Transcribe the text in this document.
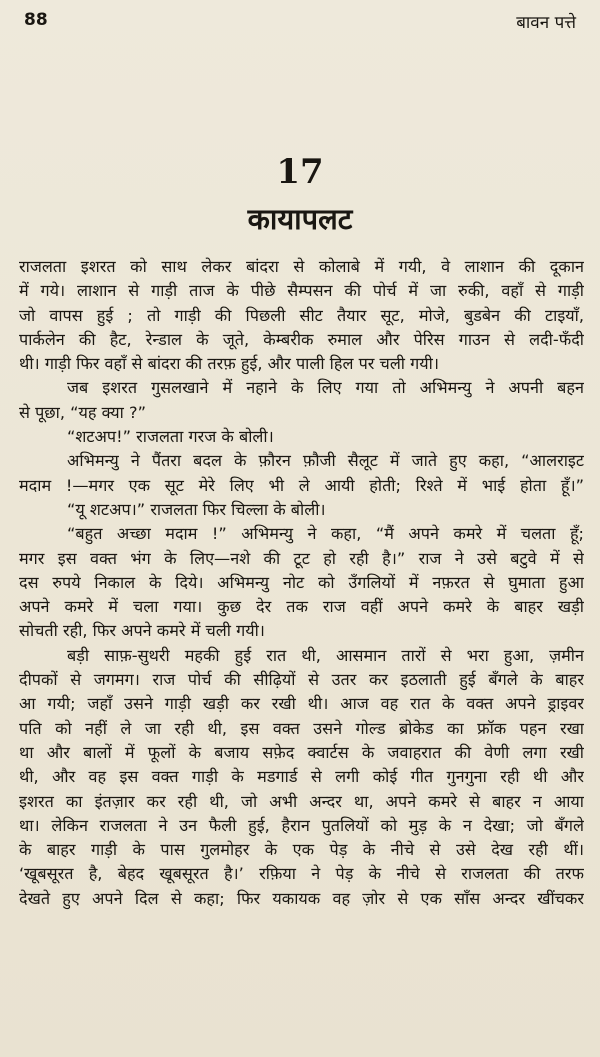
88	बावन पत्ते
17
कायापलट
राजलता इशरत को साथ लेकर बांदरा से कोलाबे में गयी, वे लाशान की दूकान
में गये। लाशान से गाड़ी ताज के पीछे सैम्पसन की पोर्च में जा रुकी, वहाँ से गाड़ी
जो वापस हुई ; तो गाड़ी की पिछली सीट तैयार सूट, मोजे, बुडबेन की टाइयाँ,
पार्कलेन की हैट, रेन्डाल के जूते, केम्बरीक रुमाल और पेरिस गाउन से लदी-फँदी
थी। गाड़ी फिर वहाँ से बांदरा की तरफ़ हुई, और पाली हिल पर चली गयी।
जब इशरत गुसलखाने में नहाने के लिए गया तो अभिमन्यु ने अपनी बहन
से पूछा, “यह क्या ?”
“शटअप!” राजलता गरज के बोली।
अभिमन्यु ने पैंतरा बदल के फ़ौरन फ़ौजी सैलूट में जाते हुए कहा, “आलराइट
मदाम !—मगर एक सूट मेरे लिए भी ले आयी होती; रिश्ते में भाई होता हूँ।”
“यू शटअप।” राजलता फिर चिल्ला के बोली।
“बहुत अच्छा मदाम !” अभिमन्यु ने कहा, “मैं अपने कमरे में चलता हूँ;
मगर इस वक्त भंग के लिए—नशे की टूट हो रही है।” राज ने उसे बटुवे में से
दस रुपये निकाल के दिये। अभिमन्यु नोट को उँगलियों में नफ़रत से घुमाता हुआ
अपने कमरे में चला गया। कुछ देर तक राज वहीं अपने कमरे के बाहर खड़ी
सोचती रही, फिर अपने कमरे में चली गयी।
बड़ी साफ़-सुथरी महकी हुई रात थी, आसमान तारों से भरा हुआ, ज़मीन
दीपकों से जगमग। राज पोर्च की सीढ़ियों से उतर कर इठलाती हुई बँगले के बाहर
आ गयी; जहाँ उसने गाड़ी खड़ी कर रखी थी। आज वह रात के वक्त अपने ड्राइवर
पति को नहीं ले जा रही थी, इस वक्त उसने गोल्ड ब्रोकेड का फ्रॉक पहन रखा
था और बालों में फूलों के बजाय सफ़ेद क्वार्टस के जवाहरात की वेणी लगा रखी
थी, और वह इस वक्त गाड़ी के मडगार्ड से लगी कोई गीत गुनगुना रही थी और
इशरत का इंतज़ार कर रही थी, जो अभी अन्दर था, अपने कमरे से बाहर न आया
था। लेकिन राजलता ने उन फैली हुई, हैरान पुतलियों को मुड़ के न देखा; जो बँगले
के बाहर गाड़ी के पास गुलमोहर के एक पेड़ के नीचे से उसे देख रही थीं।
‘खूबसूरत है, बेहद खूबसूरत है।’ रफ़िया ने पेड़ के नीचे से राजलता की तरफ
देखते हुए अपने दिल से कहा; फिर यकायक वह ज़ोर से एक साँस अन्दर खींचकर
